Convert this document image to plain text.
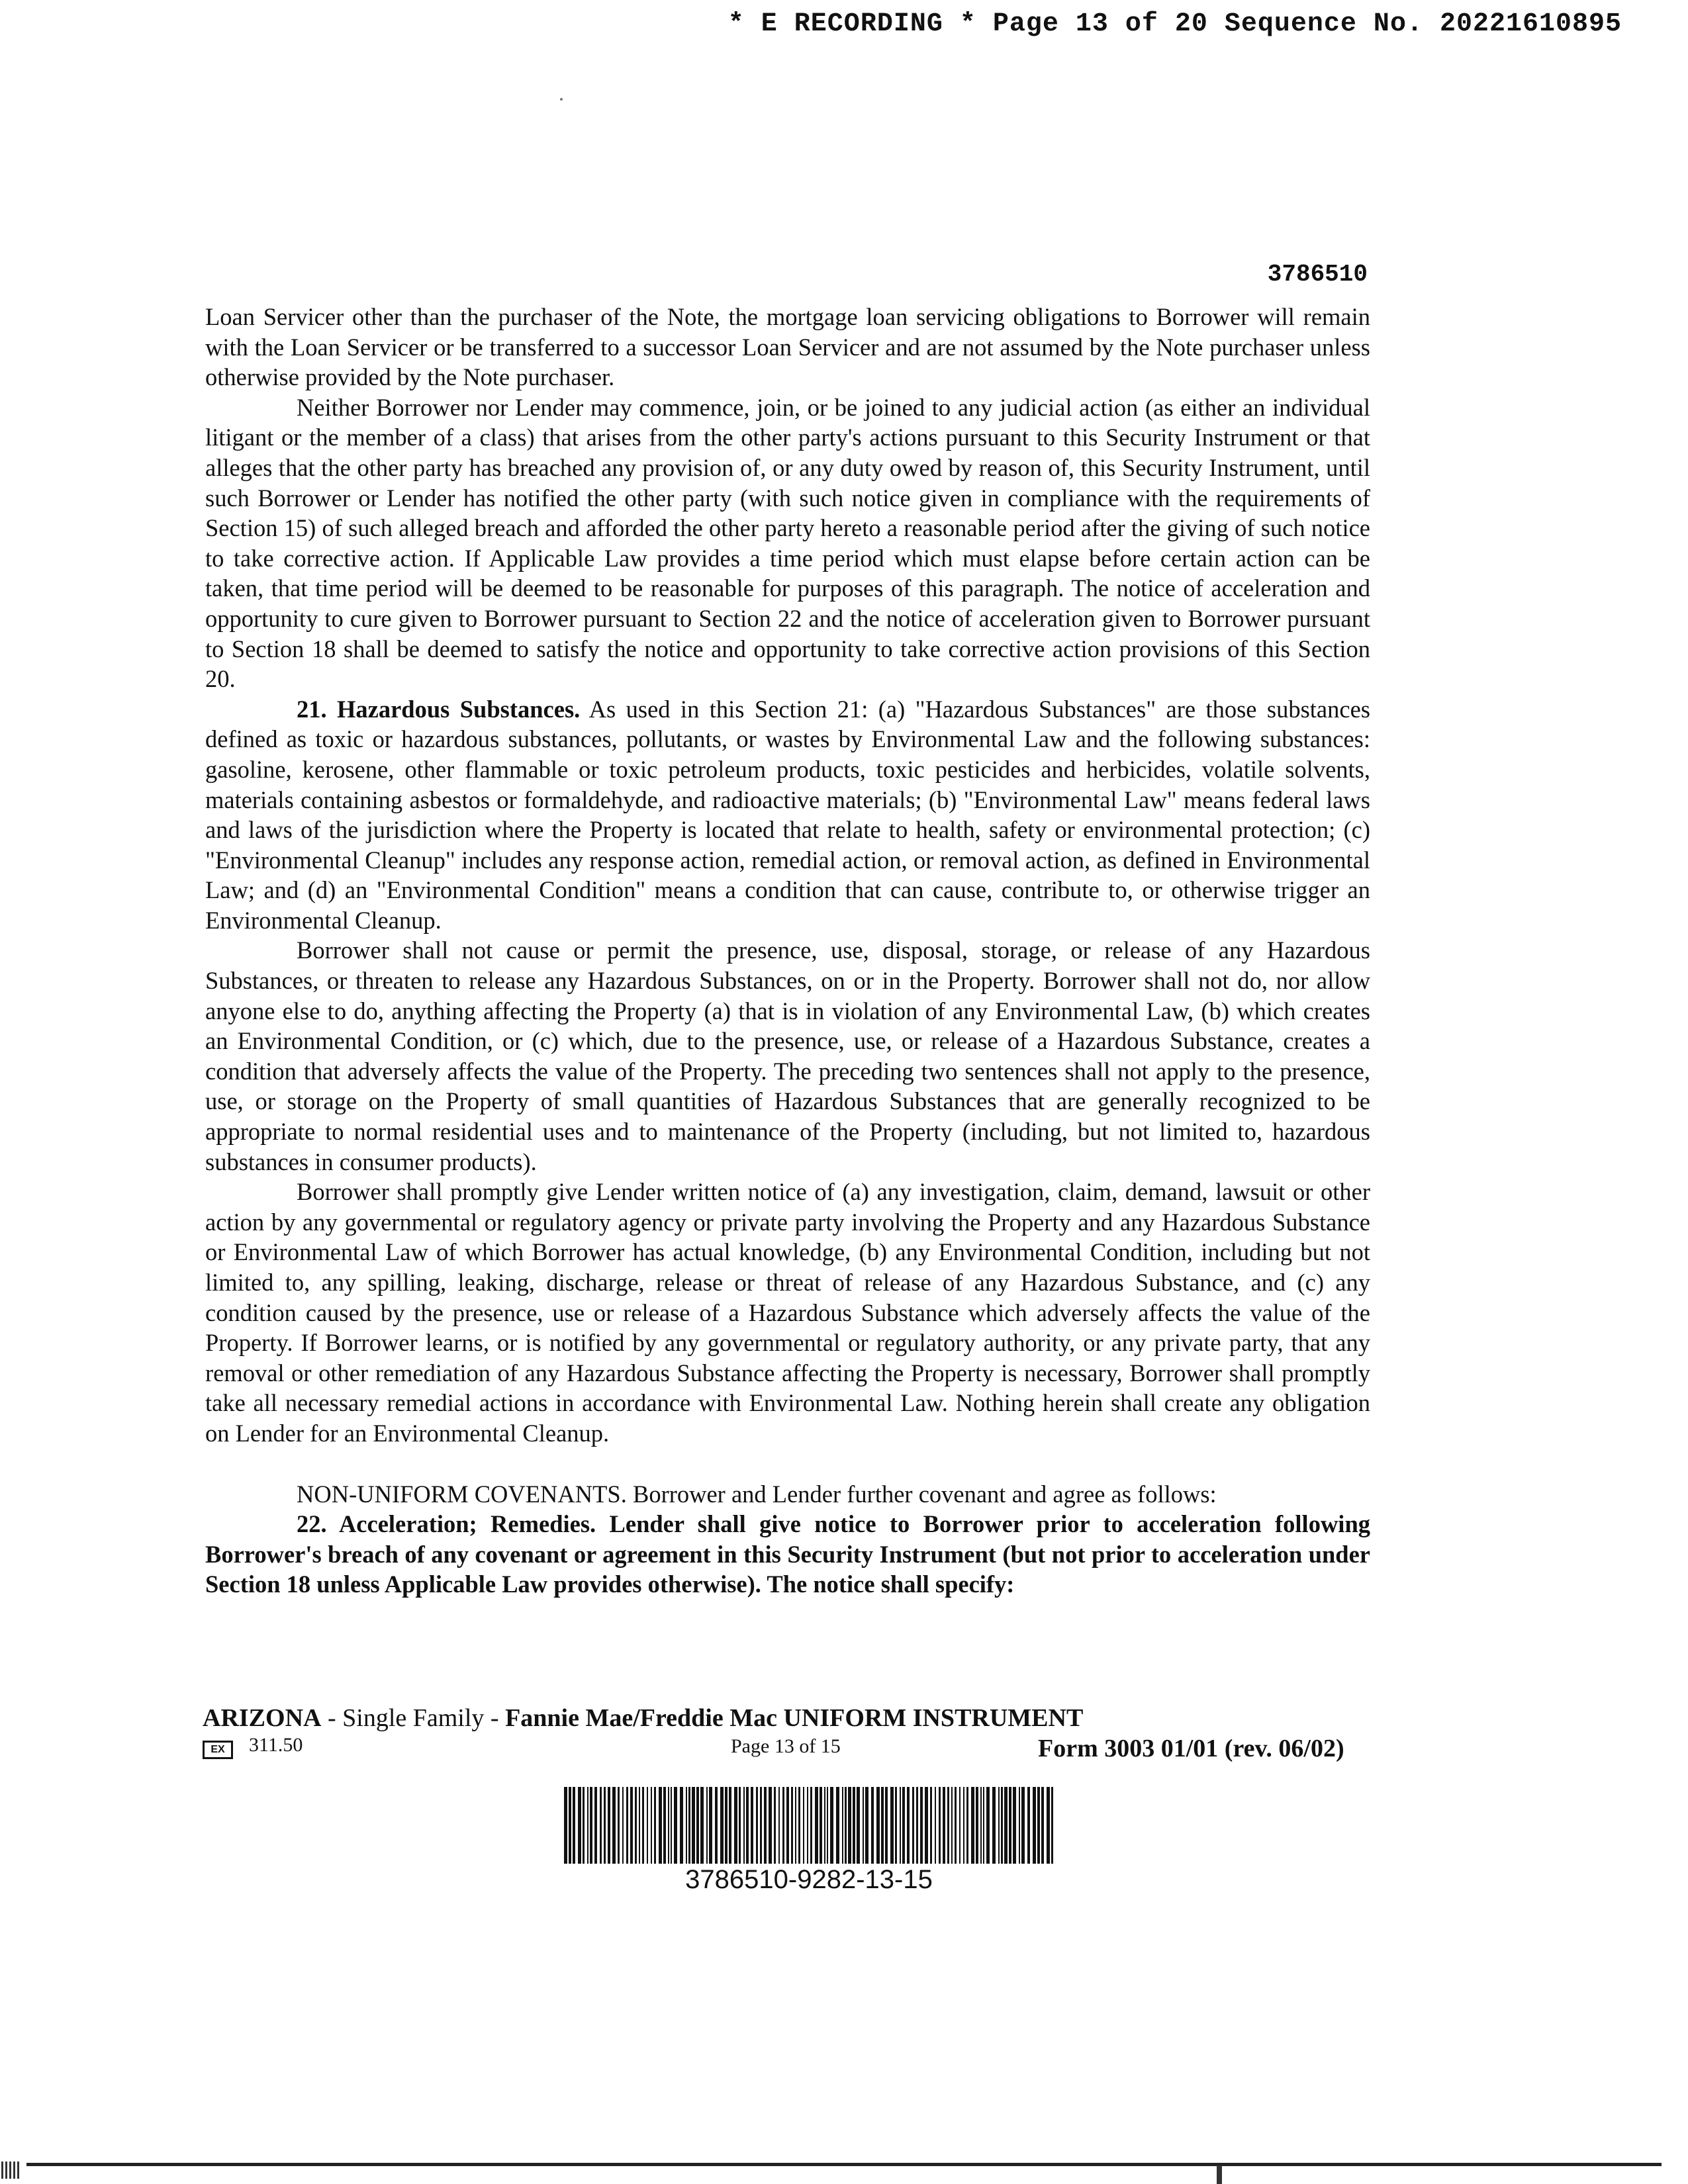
* E RECORDING * Page 13 of 20 Sequence No. 20221610895
3786510

Loan Servicer other than the purchaser of the Note, the mortgage loan servicing obligations to Borrower will remain with the Loan Servicer or be transferred to a successor Loan Servicer and are not assumed by the Note purchaser unless otherwise provided by the Note purchaser.

Neither Borrower nor Lender may commence, join, or be joined to any judicial action (as either an individual litigant or the member of a class) that arises from the other party's actions pursuant to this Security Instrument or that alleges that the other party has breached any provision of, or any duty owed by reason of, this Security Instrument, until such Borrower or Lender has notified the other party (with such notice given in compliance with the requirements of Section 15) of such alleged breach and afforded the other party hereto a reasonable period after the giving of such notice to take corrective action. If Applicable Law provides a time period which must elapse before certain action can be taken, that time period will be deemed to be reasonable for purposes of this paragraph. The notice of acceleration and opportunity to cure given to Borrower pursuant to Section 22 and the notice of acceleration given to Borrower pursuant to Section 18 shall be deemed to satisfy the notice and opportunity to take corrective action provisions of this Section 20.

21. Hazardous Substances. As used in this Section 21: (a) "Hazardous Substances" are those substances defined as toxic or hazardous substances, pollutants, or wastes by Environmental Law and the following substances: gasoline, kerosene, other flammable or toxic petroleum products, toxic pesticides and herbicides, volatile solvents, materials containing asbestos or formaldehyde, and radioactive materials; (b) "Environmental Law" means federal laws and laws of the jurisdiction where the Property is located that relate to health, safety or environmental protection; (c) "Environmental Cleanup" includes any response action, remedial action, or removal action, as defined in Environmental Law; and (d) an "Environmental Condition" means a condition that can cause, contribute to, or otherwise trigger an Environmental Cleanup.

Borrower shall not cause or permit the presence, use, disposal, storage, or release of any Hazardous Substances, or threaten to release any Hazardous Substances, on or in the Property. Borrower shall not do, nor allow anyone else to do, anything affecting the Property (a) that is in violation of any Environmental Law, (b) which creates an Environmental Condition, or (c) which, due to the presence, use, or release of a Hazardous Substance, creates a condition that adversely affects the value of the Property. The preceding two sentences shall not apply to the presence, use, or storage on the Property of small quantities of Hazardous Substances that are generally recognized to be appropriate to normal residential uses and to maintenance of the Property (including, but not limited to, hazardous substances in consumer products).

Borrower shall promptly give Lender written notice of (a) any investigation, claim, demand, lawsuit or other action by any governmental or regulatory agency or private party involving the Property and any Hazardous Substance or Environmental Law of which Borrower has actual knowledge, (b) any Environmental Condition, including but not limited to, any spilling, leaking, discharge, release or threat of release of any Hazardous Substance, and (c) any condition caused by the presence, use or release of a Hazardous Substance which adversely affects the value of the Property. If Borrower learns, or is notified by any governmental or regulatory authority, or any private party, that any removal or other remediation of any Hazardous Substance affecting the Property is necessary, Borrower shall promptly take all necessary remedial actions in accordance with Environmental Law. Nothing herein shall create any obligation on Lender for an Environmental Cleanup.

NON-UNIFORM COVENANTS. Borrower and Lender further covenant and agree as follows:

22. Acceleration; Remedies. Lender shall give notice to Borrower prior to acceleration following Borrower's breach of any covenant or agreement in this Security Instrument (but not prior to acceleration under Section 18 unless Applicable Law provides otherwise). The notice shall specify:

ARIZONA - Single Family - Fannie Mae/Freddie Mac UNIFORM INSTRUMENT
EX	311.50	Page 13 of 15	Form 3003 01/01 (rev. 06/02)
3786510-9282-13-15
